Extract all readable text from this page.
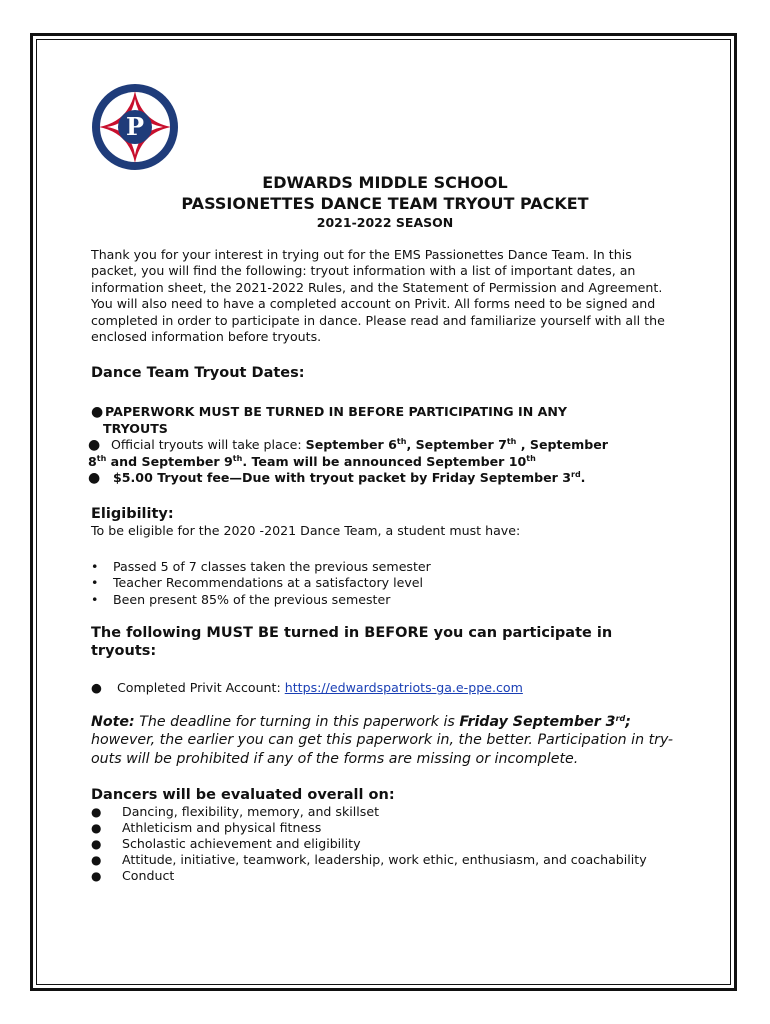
P
EDWARDS MIDDLE SCHOOL
PASSIONETTES DANCE TEAM TRYOUT PACKET
2021-2022 SEASON

Thank you for your interest in trying out for the EMS Passionettes Dance Team. In this packet, you will find the following: tryout information with a list of important dates, an information sheet, the 2021-2022 Rules, and the Statement of Permission and Agreement. You will also need to have a completed account on Privit. All forms need to be signed and completed in order to participate in dance. Please read and familiarize yourself with all the enclosed information before tryouts.

Dance Team Tryout Dates:

● PAPERWORK MUST BE TURNED IN BEFORE PARTICIPATING IN ANY

TRYOUTS

● Official tryouts will take place: September 6th, September 7th , September

8th and September 9th. Team will be announced September 10th

● $5.00 Tryout fee—Due with tryout packet by Friday September 3rd.

Eligibility:

To be eligible for the 2020 -2021 Dance Team, a student must have:

• Passed 5 of 7 classes taken the previous semester

• Teacher Recommendations at a satisfactory level

• Been present 85% of the previous semester

The following MUST BE turned in BEFORE you can participate in tryouts:

● Completed Privit Account: https://edwardspatriots-ga.e-ppe.com

Note: The deadline for turning in this paperwork is Friday September 3rd; however, the earlier you can get this paperwork in, the better. Participation in try-outs will be prohibited if any of the forms are missing or incomplete.

Dancers will be evaluated overall on:

● Dancing, flexibility, memory, and skillset

● Athleticism and physical fitness

● Scholastic achievement and eligibility

● Attitude, initiative, teamwork, leadership, work ethic, enthusiasm, and coachability

● Conduct
